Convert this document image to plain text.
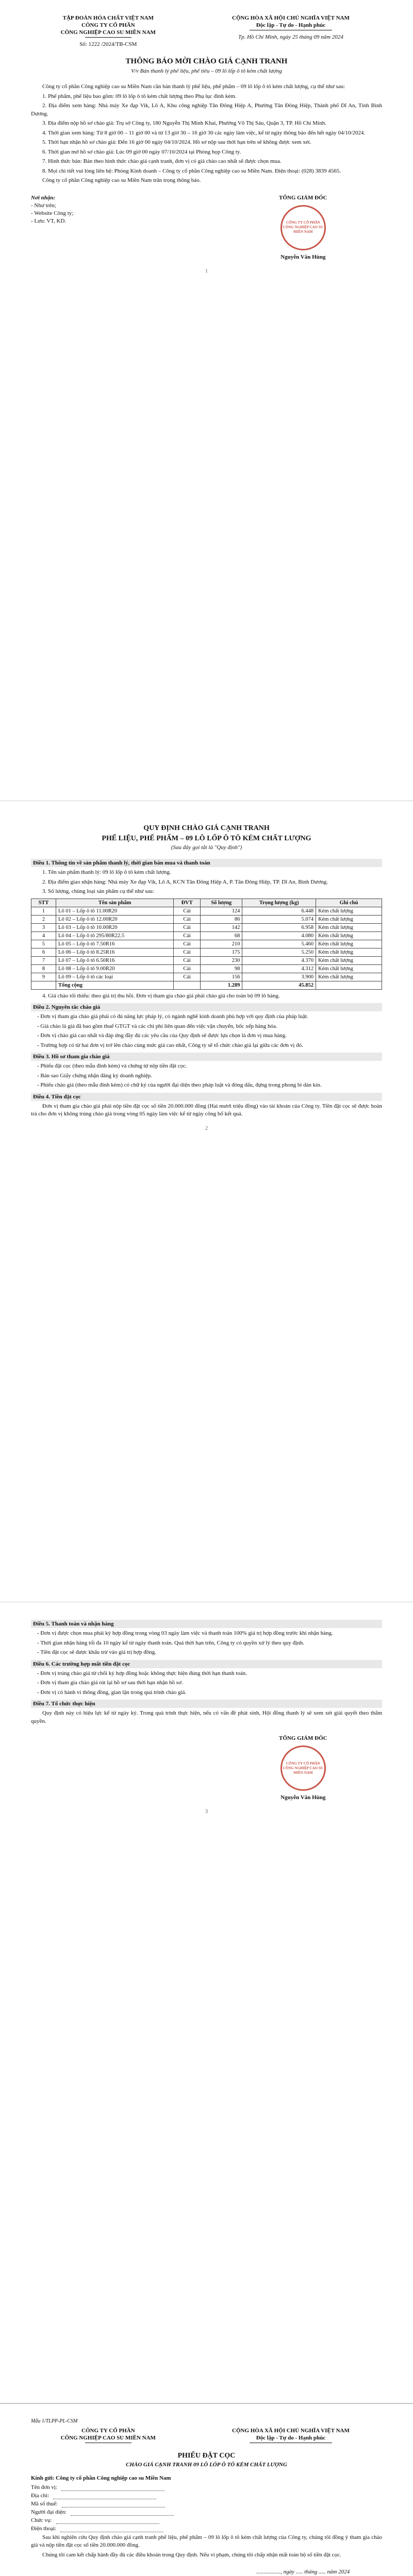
TẬP ĐOÀN HÓA CHẤT VIỆT NAM
CÔNG TY CỔ PHẦN
CÔNG NGHIỆP CAO SU MIỀN NAM
Số: 1222 /2024/TB-CSM
CỘNG HÒA XÃ HỘI CHỦ NGHĨA VIỆT NAM
Độc lập - Tự do - Hạnh phúc
Tp. Hồ Chí Minh, ngày 25 tháng 09 năm 2024
THÔNG BÁO MỜI CHÀO GIÁ CẠNH TRANH
V/v Bán thanh lý phế liệu, phế tiêu – 09 lô lốp ô tô kém chất lượng

Công ty cổ phần Công nghiệp cao su Miền Nam cần bán thanh lý phế liệu, phế phẩm – 09 lô lốp ô tô kém chất lượng, cụ thể như sau:

1. Phế phẩm, phế liệu bao gồm: 09 lô lốp ô tô kém chất lượng theo Phụ lục đính kèm.

2. Địa điểm xem hàng: Nhà máy Xe đạp Vik, Lô A, Khu công nghiệp Tân Đông Hiệp A, Phường Tân Đông Hiệp, Thành phố Dĩ An, Tỉnh Bình Dương.

3. Địa điểm nộp hồ sơ chào giá: Trụ sở Công ty, 180 Nguyễn Thị Minh Khai, Phường Võ Thị Sáu, Quận 3, TP. Hồ Chí Minh.

4. Thời gian xem hàng: Từ 8 giờ 00 – 11 giờ 00 và từ 13 giờ 30 – 16 giờ 30 các ngày làm việc, kể từ ngày thông báo đến hết ngày 04/10/2024.

5. Thời hạn nhận hồ sơ chào giá: Đến 16 giờ 00 ngày 04/10/2024. Hồ sơ nộp sau thời hạn trên sẽ không được xem xét.

6. Thời gian mở hồ sơ chào giá: Lúc 09 giờ 00 ngày 07/10/2024 tại Phòng họp Công ty.

7. Hình thức bán: Bán theo hình thức chào giá cạnh tranh, đơn vị có giá chào cao nhất sẽ được chọn mua.

8. Mọi chi tiết vui lòng liên hệ: Phòng Kinh doanh – Công ty cổ phần Công nghiệp cao su Miền Nam. Điện thoại: (028) 3839 4565.

Công ty cổ phần Công nghiệp cao su Miền Nam trân trọng thông báo.

Nơi nhận:
- Như trên;
- Website Công ty;
- Lưu: VT, KD.
TỔNG GIÁM ĐỐC
CÔNG TY CỔ PHẦN CÔNG NGHIỆP CAO SU MIỀN NAM
Nguyễn Văn Hùng
1
QUY ĐỊNH CHÀO GIÁ CẠNH TRANH
PHẾ LIỆU, PHẾ PHẨM – 09 LÔ LỐP Ô TÔ KÉM CHẤT LƯỢNG
(Sau đây gọi tắt là "Quy định")
Điều 1. Thông tin về sản phẩm thanh lý, thời gian bán mua và thanh toán

1. Tên sản phẩm thanh lý: 09 lô lốp ô tô kém chất lượng.

2. Địa điểm giao nhận hàng: Nhà máy Xe đạp Vik, Lô A, KCN Tân Đông Hiệp A, P. Tân Đông Hiệp, TP. Dĩ An, Bình Dương.

3. Số lượng, chủng loại sản phẩm cụ thể như sau:

STT	Tên sản phẩm	ĐVT	Số lượng	Trọng lượng (kg)	Ghi chú
1	Lô 01 – Lốp ô tô 11.00R20	Cái	124	6.448	Kém chất lượng
2	Lô 02 – Lốp ô tô 12.00R20	Cái	86	5.074	Kém chất lượng
3	Lô 03 – Lốp ô tô 10.00R20	Cái	142	6.958	Kém chất lượng
4	Lô 04 – Lốp ô tô 295/80R22.5	Cái	68	4.080	Kém chất lượng
5	Lô 05 – Lốp ô tô 7.50R16	Cái	210	5.460	Kém chất lượng
6	Lô 06 – Lốp ô tô 8.25R16	Cái	175	5.250	Kém chất lượng
7	Lô 07 – Lốp ô tô 6.50R16	Cái	230	4.370	Kém chất lượng
8	Lô 08 – Lốp ô tô 9.00R20	Cái	98	4.312	Kém chất lượng
9	Lô 09 – Lốp ô tô các loại	Cái	156	3.900	Kém chất lượng
	Tổng cộng		1.289	45.852	

4. Giá chào tối thiểu: theo giá trị thu hồi. Đơn vị tham gia chào giá phải chào giá cho toàn bộ 09 lô hàng.

Điều 2. Nguyên tắc chào giá

- Đơn vị tham gia chào giá phải có đủ năng lực pháp lý, có ngành nghề kinh doanh phù hợp với quy định của pháp luật.

- Giá chào là giá đã bao gồm thuế GTGT và các chi phí liên quan đến việc vận chuyển, bốc xếp hàng hóa.

- Đơn vị chào giá cao nhất và đáp ứng đầy đủ các yêu cầu của Quy định sẽ được lựa chọn là đơn vị mua hàng.

- Trường hợp có từ hai đơn vị trở lên chào cùng mức giá cao nhất, Công ty sẽ tổ chức chào giá lại giữa các đơn vị đó.

Điều 3. Hồ sơ tham gia chào giá

- Phiếu đặt cọc (theo mẫu đính kèm) và chứng từ nộp tiền đặt cọc.

- Bản sao Giấy chứng nhận đăng ký doanh nghiệp.

- Phiếu chào giá (theo mẫu đính kèm) có chữ ký của người đại diện theo pháp luật và đóng dấu, đựng trong phong bì dán kín.

Điều 4. Tiền đặt cọc

Đơn vị tham gia chào giá phải nộp tiền đặt cọc số tiền 20.000.000 đồng (Hai mươi triệu đồng) vào tài khoản của Công ty. Tiền đặt cọc sẽ được hoàn trả cho đơn vị không trúng chào giá trong vòng 05 ngày làm việc kể từ ngày công bố kết quả.

2
Điều 5. Thanh toán và nhận hàng

- Đơn vị được chọn mua phải ký hợp đồng trong vòng 03 ngày làm việc và thanh toán 100% giá trị hợp đồng trước khi nhận hàng.

- Thời gian nhận hàng tối đa 10 ngày kể từ ngày thanh toán. Quá thời hạn trên, Công ty có quyền xử lý theo quy định.

- Tiền đặt cọc sẽ được khấu trừ vào giá trị hợp đồng.

Điều 6. Các trường hợp mất tiền đặt cọc

- Đơn vị trúng chào giá từ chối ký hợp đồng hoặc không thực hiện đúng thời hạn thanh toán.

- Đơn vị tham gia chào giá rút lại hồ sơ sau thời hạn nhận hồ sơ.

- Đơn vị có hành vi thông đồng, gian lận trong quá trình chào giá.

Điều 7. Tổ chức thực hiện

Quy định này có hiệu lực kể từ ngày ký. Trong quá trình thực hiện, nếu có vấn đề phát sinh, Hội đồng thanh lý sẽ xem xét giải quyết theo thẩm quyền.

TỔNG GIÁM ĐỐC
CÔNG TY CỔ PHẦN CÔNG NGHIỆP CAO SU MIỀN NAM
Nguyễn Văn Hùng
3
Mẫu 1/TLPP-PL-CSM
CÔNG TY CỔ PHẦN
CÔNG NGHIỆP CAO SU MIỀN NAM
CỘNG HÒA XÃ HỘI CHỦ NGHĨA VIỆT NAM
Độc lập - Tự do - Hạnh phúc
PHIẾU ĐẶT CỌC
CHÀO GIÁ CẠNH TRANH 09 LÔ LỐP Ô TÔ KÉM CHẤT LƯỢNG

Kính gửi: Công ty cổ phần Công nghiệp cao su Miền Nam

Tên đơn vị:
Địa chỉ:
Mã số thuế:
Người đại diện:
Chức vụ:
Điện thoại:

Sau khi nghiên cứu Quy định chào giá cạnh tranh phế liệu, phế phẩm – 09 lô lốp ô tô kém chất lượng của Công ty, chúng tôi đồng ý tham gia chào giá và nộp tiền đặt cọc số tiền 20.000.000 đồng.

Chúng tôi cam kết chấp hành đầy đủ các điều khoản trong Quy định. Nếu vi phạm, chúng tôi chấp nhận mất toàn bộ số tiền đặt cọc.

................., ngày ..... tháng ..... năm 2024
